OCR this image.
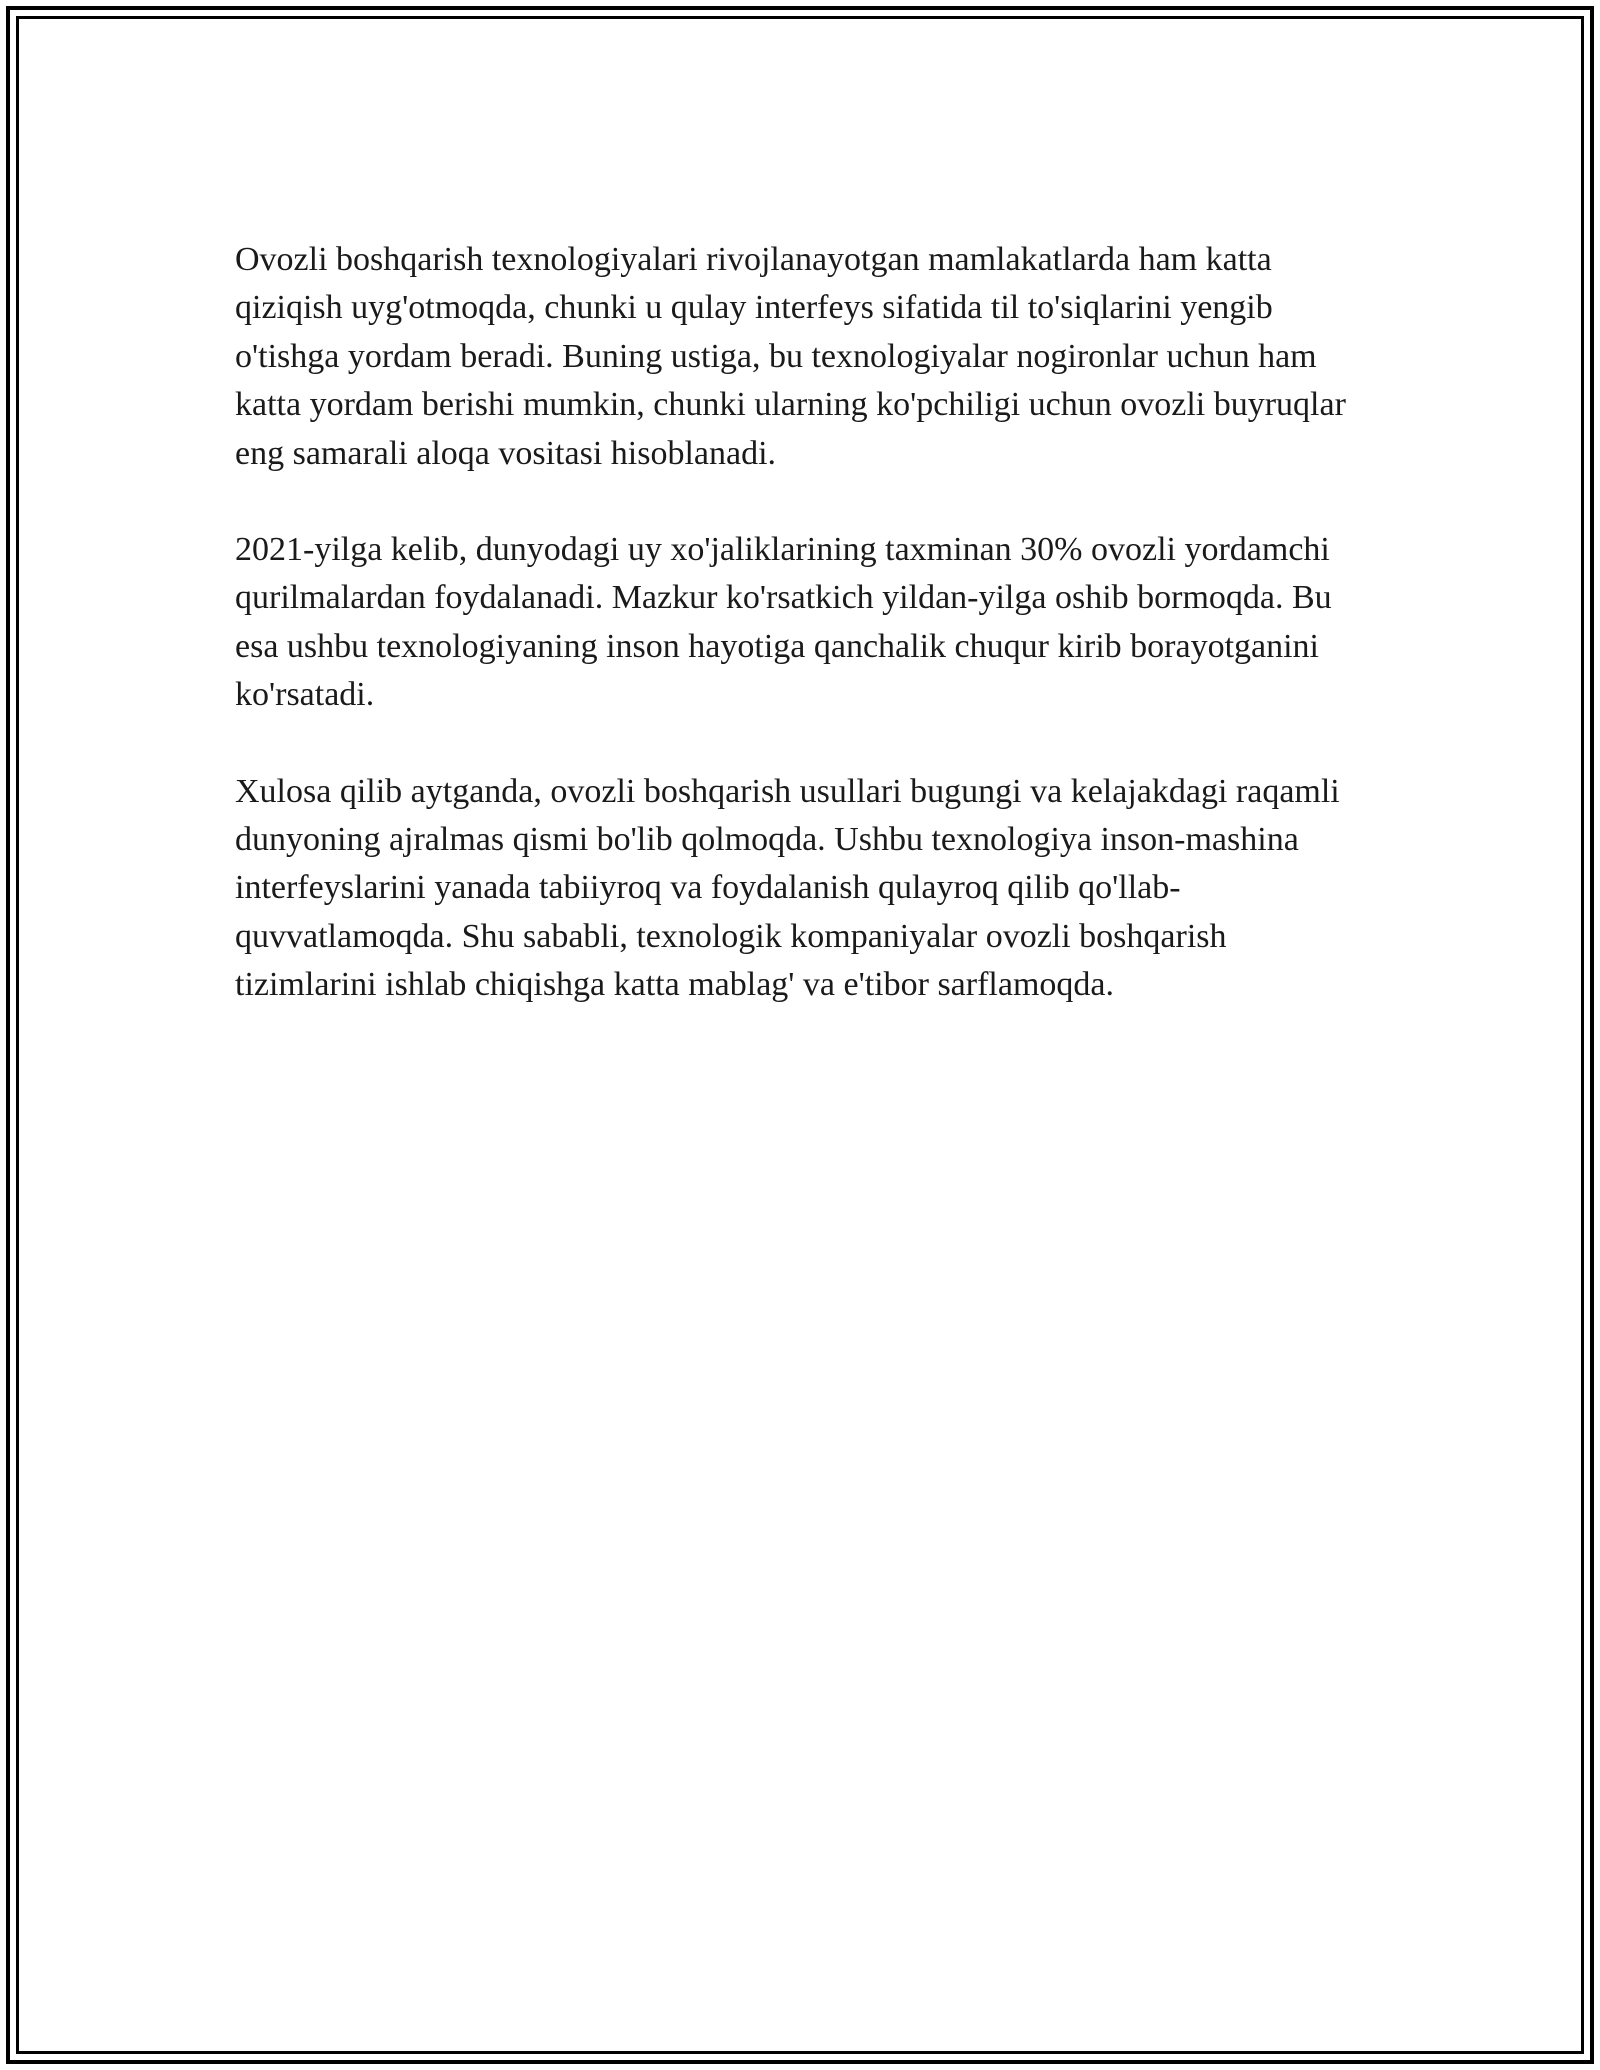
Ovozli boshqarish texnologiyalari rivojlanayotgan mamlakatlarda ham katta qiziqish uyg'otmoqda, chunki u qulay interfeys sifatida til to'siqlarini yengib o'tishga yordam beradi. Buning ustiga, bu texnologiyalar nogironlar uchun ham katta yordam berishi mumkin, chunki ularning ko'pchiligi uchun ovozli buyruqlar eng samarali aloqa vositasi hisoblanadi.

2021-yilga kelib, dunyodagi uy xo'jaliklarining taxminan 30% ovozli yordamchi qurilmalardan foydalanadi. Mazkur ko'rsatkich yildan-yilga oshib bormoqda. Bu esa ushbu texnologiyaning inson hayotiga qanchalik chuqur kirib borayotganini ko'rsatadi.

Xulosa qilib aytganda, ovozli boshqarish usullari bugungi va kelajakdagi raqamli dunyoning ajralmas qismi bo'lib qolmoqda. Ushbu texnologiya inson-mashina interfeyslarini yanada tabiiyroq va foydalanish qulayroq qilib qo'llab-quvvatlamoqda. Shu sababli, texnologik kompaniyalar ovozli boshqarish tizimlarini ishlab chiqishga katta mablag' va e'tibor sarflamoqda.
